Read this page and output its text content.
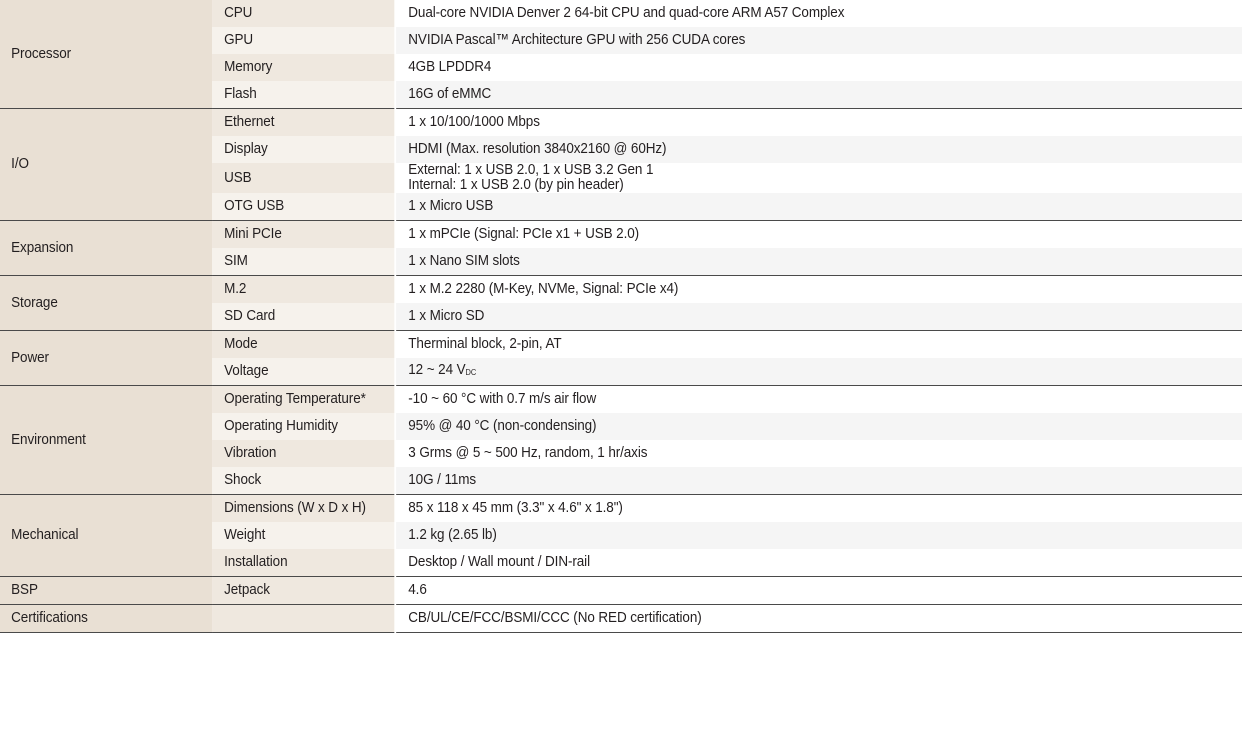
Processor	CPU	Dual-core NVIDIA Denver 2 64-bit CPU and quad-core ARM A57 Complex
	GPU	NVIDIA Pascal™ Architecture GPU with 256 CUDA cores
	Memory	4GB LPDDR4
	Flash	16G of eMMC
I/O	Ethernet	1 x 10/100/1000 Mbps
	Display	HDMI (Max. resolution 3840x2160 @ 60Hz)
	USB	External: 1 x USB 2.0, 1 x USB 3.2 Gen 1
Internal: 1 x USB 2.0 (by pin header)

	OTG USB	1 x Micro USB
Expansion	Mini PCIe	1 x mPCIe (Signal: PCIe x1 + USB 2.0)
	SIM	1 x Nano SIM slots
Storage	M.2	1 x M.2 2280 (M-Key, NVMe, Signal: PCIe x4)
	SD Card	1 x Micro SD
Power	Mode	Therminal block, 2-pin, AT
	Voltage	12 ~ 24 $V_{DC}$
Environment	Operating Temperature*	-10 ~ 60 °C with 0.7 m/s air flow
	Operating Humidity	95% @ 40 °C (non-condensing)
	Vibration	3 Grms @ 5 ~ 500 Hz, random, 1 hr/axis
	Shock	10G / 11ms
Mechanical	Dimensions (W x D x H)	85 x 118 x 45 mm (3.3" x 4.6" x 1.8")
	Weight	1.2 kg (2.65 lb)
	Installation	Desktop / Wall mount / DIN-rail
BSP	Jetpack	4.6
Certifications		CB/UL/CE/FCC/BSMI/CCC (No RED certification)
